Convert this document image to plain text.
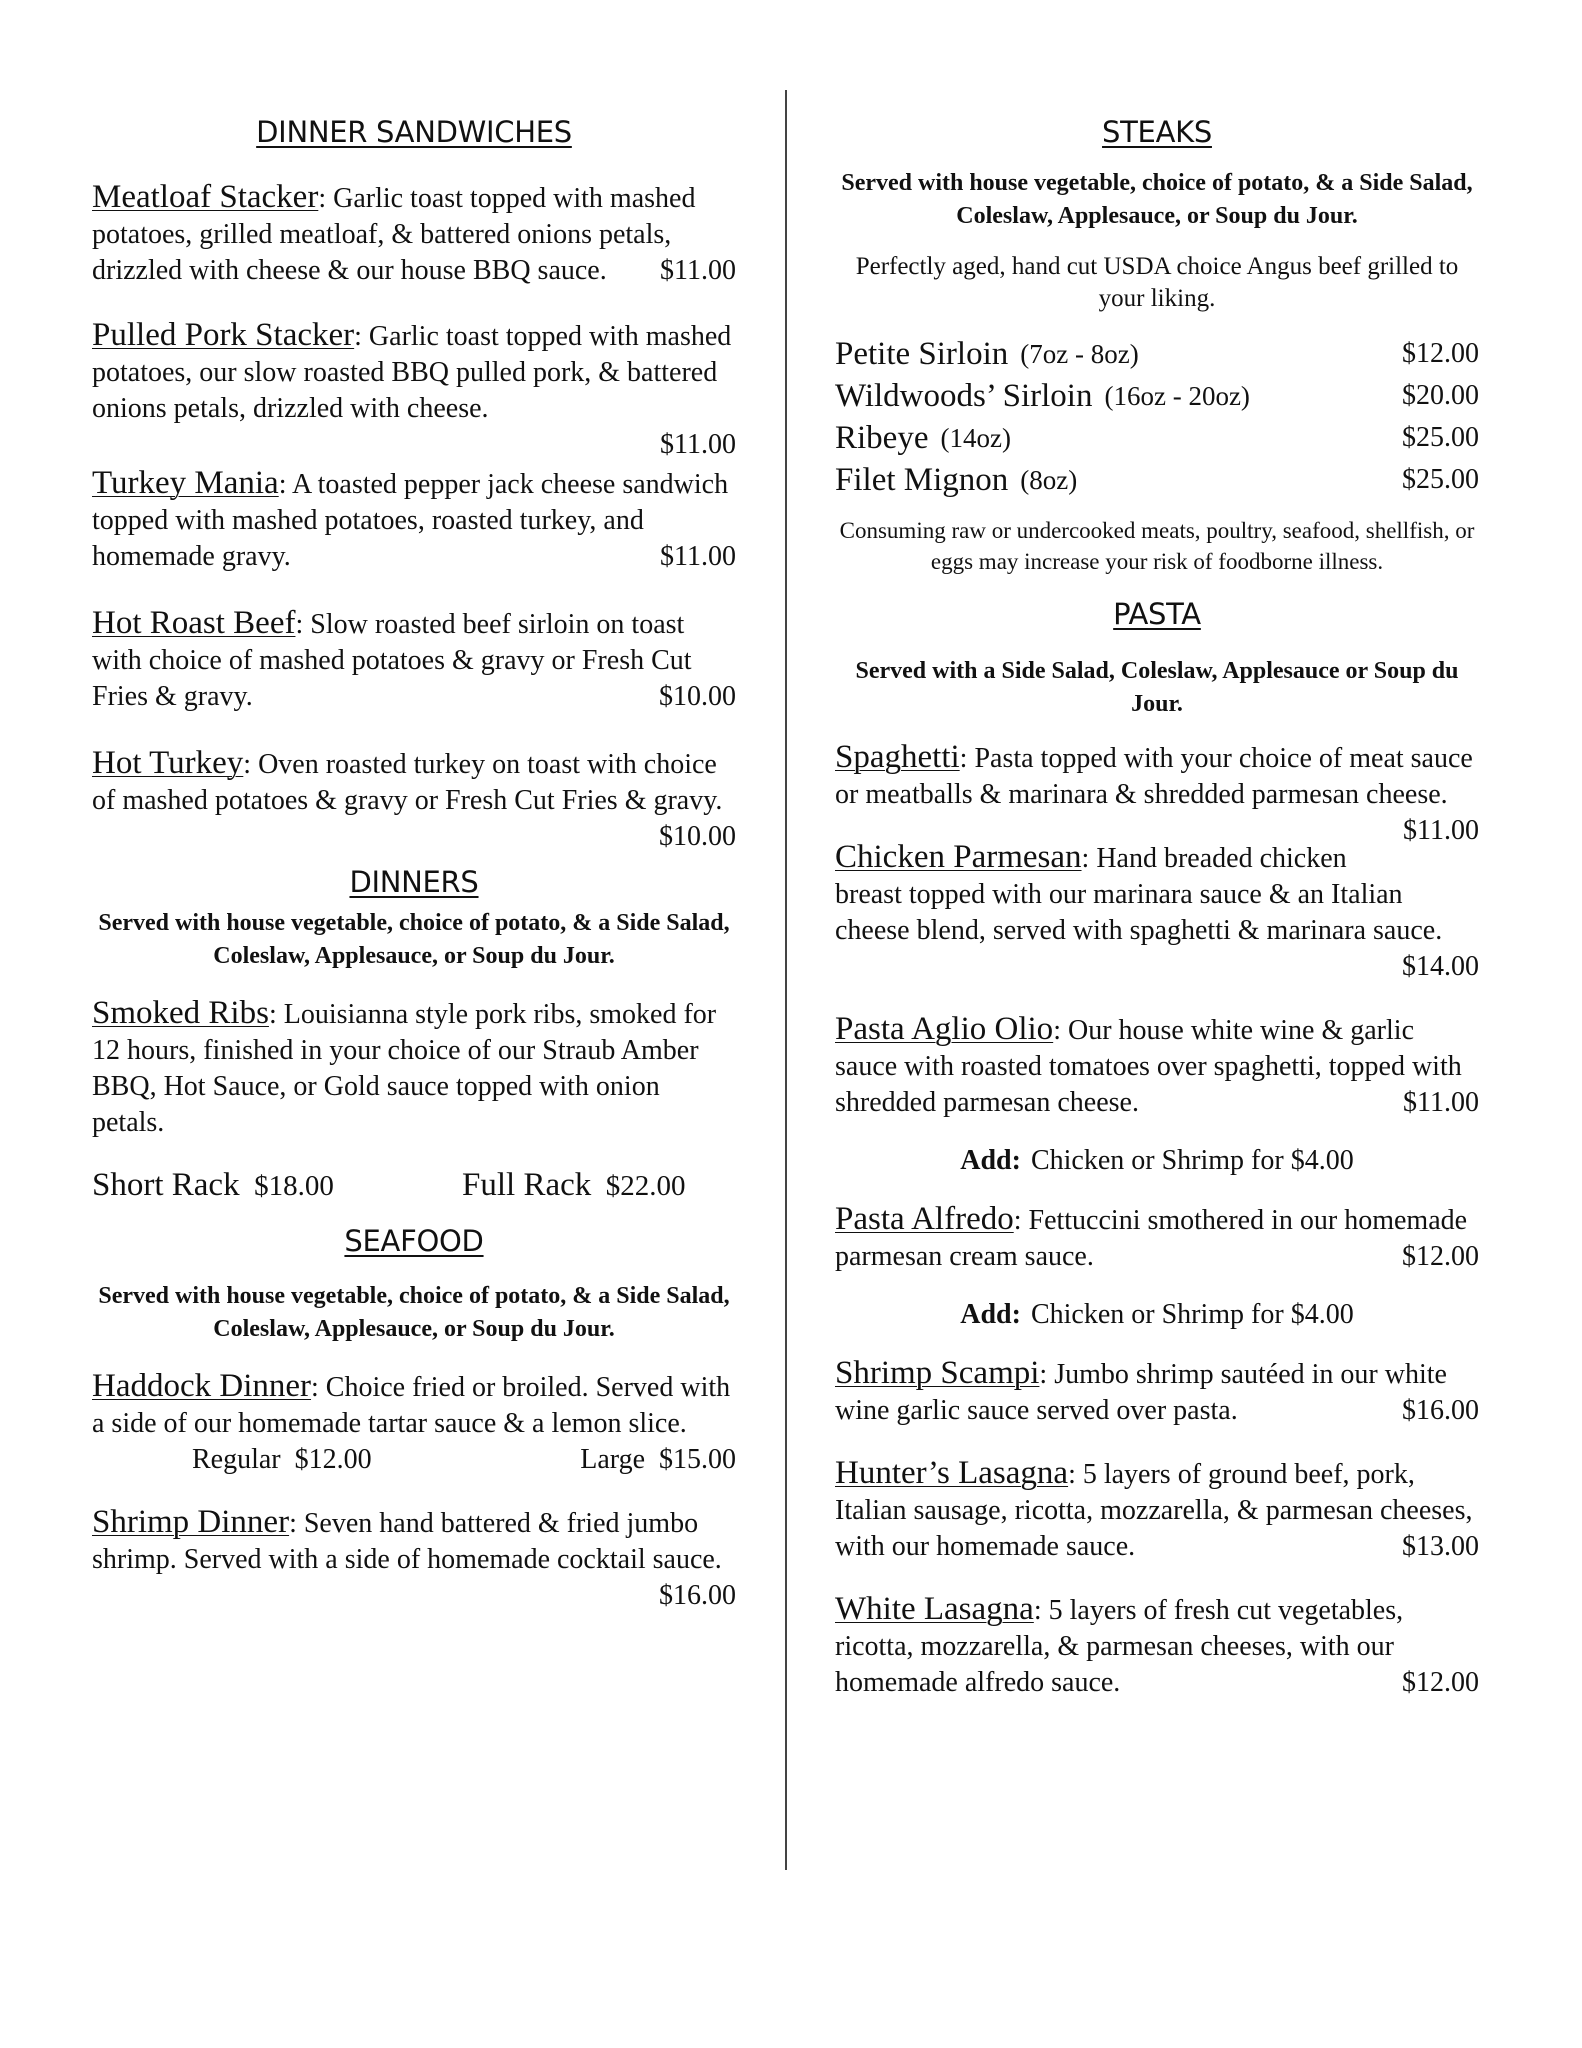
DINNER SANDWICHES
Meatloaf Stacker: Garlic toast topped with mashed potatoes, grilled meatloaf, & battered onions petals, drizzled with cheese & our house BBQ sauce. $11.00
Pulled Pork Stacker: Garlic toast topped with mashed potatoes, our slow roasted BBQ pulled pork, & battered onions petals, drizzled with cheese.
$11.00
Turkey Mania: A toasted pepper jack cheese sandwich topped with mashed potatoes, roasted turkey, and homemade gravy.	$11.00
Hot Roast Beef: Slow roasted beef sirloin on toast with choice of mashed potatoes & gravy or Fresh Cut Fries & gravy.	$10.00
Hot Turkey: Oven roasted turkey on toast with choice of mashed potatoes & gravy or Fresh Cut Fries & gravy.
$10.00
DINNERS
Served with house vegetable, choice of potato, & a Side Salad, Coleslaw, Applesauce, or Soup du Jour.
Smoked Ribs: Louisianna style pork ribs, smoked for 12 hours, finished in your choice of our Straub Amber BBQ, Hot Sauce, or Gold sauce topped with onion petals.
Short Rack $18.00	Full Rack $22.00
SEAFOOD
Served with house vegetable, choice of potato, & a Side Salad, Coleslaw, Applesauce, or Soup du Jour.
Haddock Dinner: Choice fried or broiled. Served with a side of our homemade tartar sauce & a lemon slice.
Regular $12.00	Large $15.00
Shrimp Dinner: Seven hand battered & fried jumbo shrimp. Served with a side of homemade cocktail sauce.
$16.00
STEAKS
Served with house vegetable, choice of potato, & a Side Salad, Coleslaw, Applesauce, or Soup du Jour.
Perfectly aged, hand cut USDA choice Angus beef grilled to your liking.
Petite Sirloin (7oz - 8oz)	$12.00
Wildwoods’ Sirloin (16oz - 20oz)	$20.00
Ribeye (14oz)	$25.00
Filet Mignon (8oz)	$25.00
Consuming raw or undercooked meats, poultry, seafood, shellfish, or eggs may increase your risk of foodborne illness.
PASTA
Served with a Side Salad, Coleslaw, Applesauce or Soup du Jour.
Spaghetti: Pasta topped with your choice of meat sauce or meatballs & marinara & shredded parmesan cheese.
$11.00
Chicken Parmesan: Hand breaded chicken breast topped with our marinara sauce & an Italian cheese blend, served with spaghetti & marinara sauce.
$14.00
Pasta Aglio Olio: Our house white wine & garlic sauce with roasted tomatoes over spaghetti, topped with shredded parmesan cheese.	$11.00
Add: Chicken or Shrimp for $4.00
Pasta Alfredo: Fettuccini smothered in our homemade parmesan cream sauce.	$12.00
Add: Chicken or Shrimp for $4.00
Shrimp Scampi: Jumbo shrimp sautéed in our white wine garlic sauce served over pasta.	$16.00
Hunter’s Lasagna: 5 layers of ground beef, pork, Italian sausage, ricotta, mozzarella, & parmesan cheeses, with our homemade sauce.	$13.00
White Lasagna: 5 layers of fresh cut vegetables, ricotta, mozzarella, & parmesan cheeses, with our homemade alfredo sauce.	$12.00
